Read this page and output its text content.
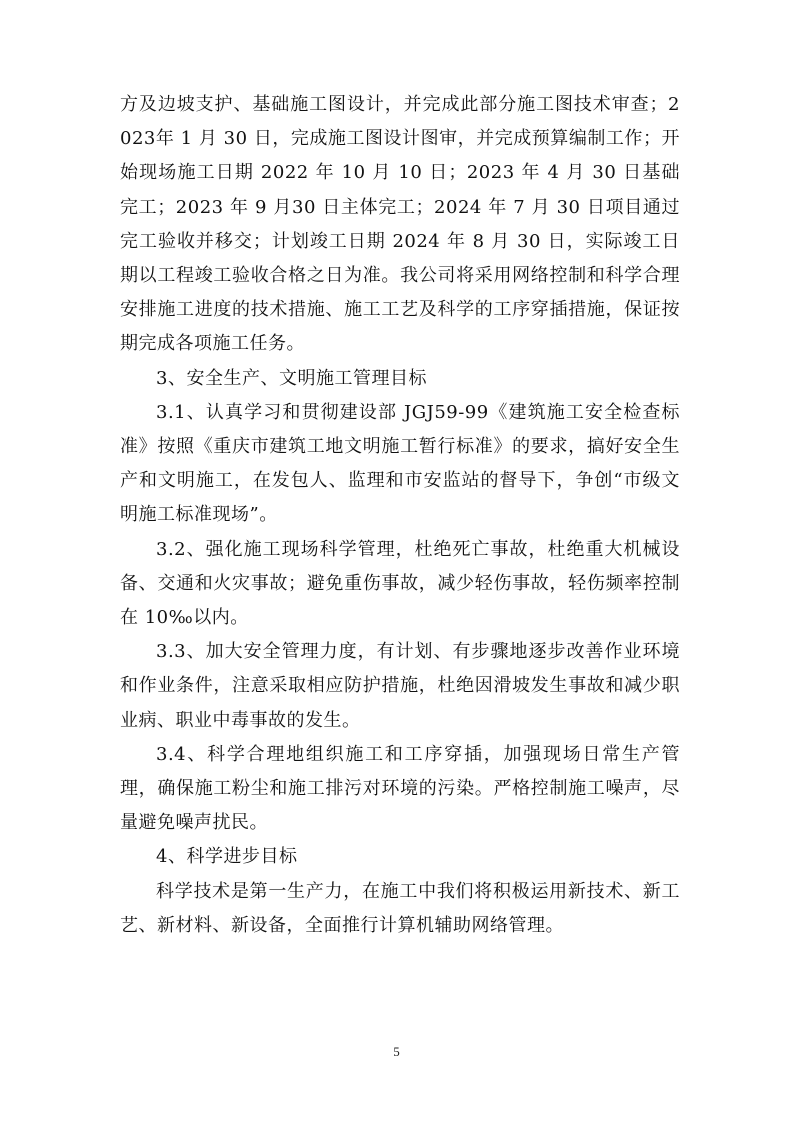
方及边坡支护、基础施工图设计，并完成此部分施工图技术审查；2023年 1 月 30 日，完成施工图设计图审，并完成预算编制工作；开始现场施工日期 2022 年 10 月 10 日；2023 年 4 月 30 日基础完工；2023 年 9 月30 日主体完工；2024 年 7 月 30 日项目通过完工验收并移交；计划竣工日期 2024 年 8 月 30 日，实际竣工日期以工程竣工验收合格之日为准。我公司将采用网络控制和科学合理安排施工进度的技术措施、施工工艺及科学的工序穿插措施，保证按期完成各项施工任务。

3、安全生产、文明施工管理目标

3.1、认真学习和贯彻建设部 JGJ59-99《建筑施工安全检查标准》按照《重庆市建筑工地文明施工暂行标准》的要求，搞好安全生产和文明施工，在发包人、监理和市安监站的督导下，争创“市级文明施工标准现场”。

3.2、强化施工现场科学管理，杜绝死亡事故，杜绝重大机械设备、交通和火灾事故；避免重伤事故，减少轻伤事故，轻伤频率控制在 10‰以内。

3.3、加大安全管理力度，有计划、有步骤地逐步改善作业环境和作业条件，注意采取相应防护措施，杜绝因滑坡发生事故和减少职业病、职业中毒事故的发生。

3.4、科学合理地组织施工和工序穿插，加强现场日常生产管理，确保施工粉尘和施工排污对环境的污染。严格控制施工噪声，尽量避免噪声扰民。

4、科学进步目标

科学技术是第一生产力，在施工中我们将积极运用新技术、新工艺、新材料、新设备，全面推行计算机辅助网络管理。

5
